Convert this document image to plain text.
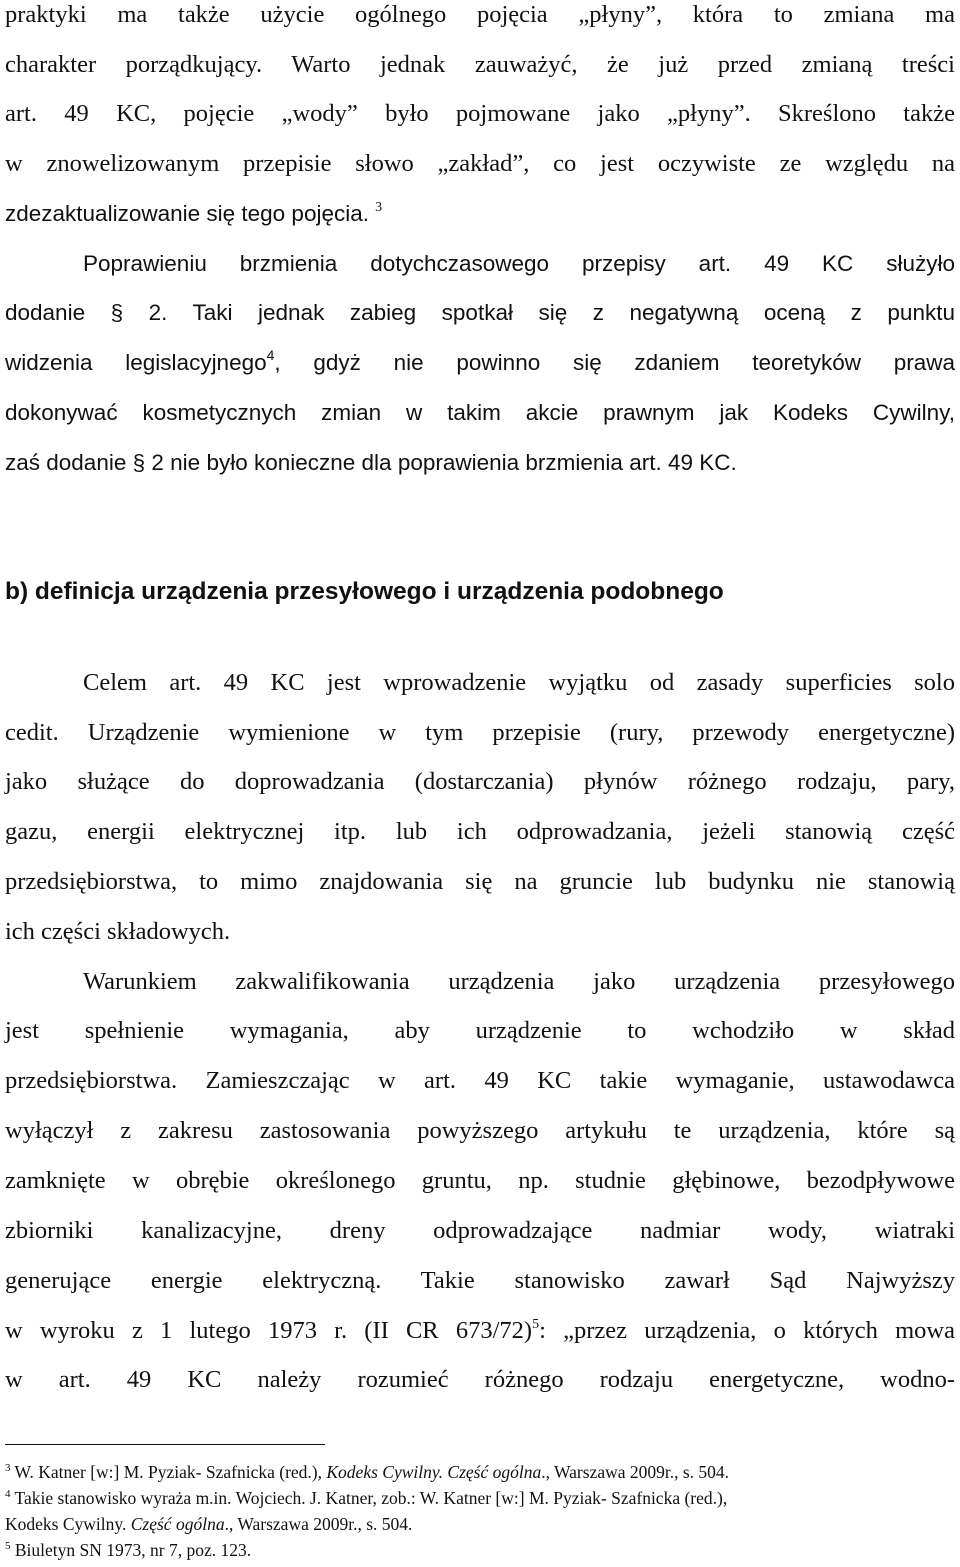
praktyki ma także użycie ogólnego pojęcia „płyny”, która to zmiana ma
charakter porządkujący. Warto jednak zauważyć, że już przed zmianą treści
art. 49 KC, pojęcie „wody” było pojmowane jako „płyny”. Skreślono także
w znowelizowanym przepisie słowo „zakład”, co jest oczywiste ze względu na
zdezaktualizowanie się tego pojęcia. $^3$
Poprawieniu brzmienia dotychczasowego przepisy art. 49 KC służyło
dodanie § 2. Taki jednak zabieg spotkał się z negatywną oceną z punktu
widzenia legislacyjnego$^4$, gdyż nie powinno się zdaniem teoretyków prawa
dokonywać kosmetycznych zmian w takim akcie prawnym jak Kodeks Cywilny,
zaś dodanie § 2 nie było konieczne dla poprawienia brzmienia art. 49 KC.
b) definicja urządzenia przesyłowego i urządzenia podobnego
Celem art. 49 KC jest wprowadzenie wyjątku od zasady superficies solo
cedit. Urządzenie wymienione w tym przepisie (rury, przewody energetyczne)
jako służące do doprowadzania (dostarczania) płynów różnego rodzaju, pary,
gazu, energii elektrycznej itp. lub ich odprowadzania, jeżeli stanowią część
przedsiębiorstwa, to mimo znajdowania się na gruncie lub budynku nie stanowią
ich części składowych.
Warunkiem zakwalifikowania urządzenia jako urządzenia przesyłowego
jest spełnienie wymagania, aby urządzenie to wchodziło w skład
przedsiębiorstwa. Zamieszczając w art. 49 KC takie wymaganie, ustawodawca
wyłączył z zakresu zastosowania powyższego artykułu te urządzenia, które są
zamknięte w obrębie określonego gruntu, np. studnie głębinowe, bezodpływowe
zbiorniki kanalizacyjne, dreny odprowadzające nadmiar wody, wiatraki
generujące energie elektryczną. Takie stanowisko zawarł Sąd Najwyższy
w wyroku z 1 lutego 1973 r. (II CR 673/72)$^5$: „przez urządzenia, o których mowa
w art. 49 KC należy rozumieć różnego rodzaju energetyczne, wodno-
$^3$ W. Katner [w:] M. Pyziak- Szafnicka (red.), Kodeks Cywilny. Część ogólna., Warszawa 2009r., s. 504.
$^4$ Takie stanowisko wyraża m.in. Wojciech. J. Katner, zob.: W. Katner [w:] M. Pyziak- Szafnicka (red.),
Kodeks Cywilny. Część ogólna., Warszawa 2009r., s. 504.
$^5$ Biuletyn SN 1973, nr 7, poz. 123.
